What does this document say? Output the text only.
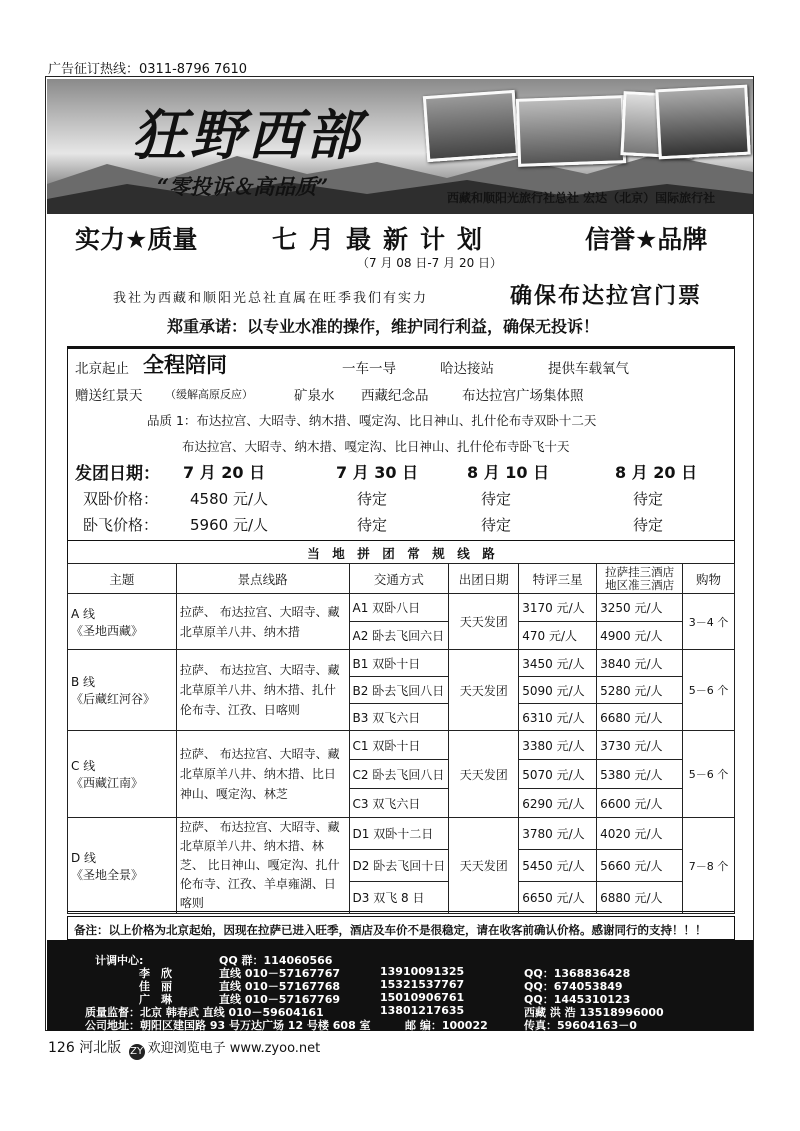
广告征订热线：0311-8796 7610
狂野西部
“零投诉＆高品质”	西藏和顺阳光旅行社总社 宏达（北京）国际旅行社
实力★质量	七月最新计划	信誉★品牌
（7 月 08 日-7 月 20 日）
我社为西藏和顺阳光总社直属在旺季我们有实力	确保布达拉宫门票
郑重承诺：以专业水准的操作，维护同行利益，确保无投诉！
北京起止 全程陪同	一车一导	哈达接站	提供车载氧气
赠送红景天 （缓解高原反应）	矿泉水 西藏纪念品 布达拉宫广场集体照
品质 1：布达拉宫、大昭寺、纳木措、嘎定沟、比日神山、扎什伦布寺双卧十二天
布达拉宫、大昭寺、纳木措、嘎定沟、比日神山、扎什伦布寺卧飞十天
发团日期： 7 月 20 日	7 月 30 日	8 月 10 日	8 月 20 日
双卧价格： 4580 元/人	待定	待定	待定
卧飞价格： 5960 元/人	待定	待定	待定
当　地　拼　团　常　规　线　路
主题	景点线路	交通方式	出团日期	特评三星	拉萨挂三酒店
地区准三酒店	购物

A 线
《圣地西藏》	拉萨、 布达拉宫、大昭寺、藏北草原羊八井、纳木措	A1 双卧八日	天天发团	3170 元/人	3250 元/人	3－4 个
		A2 卧去飞回六日		470 元/人	4900 元/人	

B 线
《后藏红河谷》	拉萨、 布达拉宫、大昭寺、藏北草原羊八井、纳木措、扎什伦布寺、江孜、日喀则	B1 双卧十日	天天发团	3450 元/人	3840 元/人	5－6 个
		B2 卧去飞回八日		5090 元/人	5280 元/人	
		B3 双飞六日		6310 元/人	6680 元/人	

C 线
《西藏江南》	拉萨、 布达拉宫、大昭寺、藏北草原羊八井、纳木措、比日神山、嘎定沟、林芝	C1 双卧十日	天天发团	3380 元/人	3730 元/人	5－6 个
		C2 卧去飞回八日		5070 元/人	5380 元/人	
		C3 双飞六日		6290 元/人	6600 元/人	

D 线
《圣地全景》	拉萨、 布达拉宫、大昭寺、藏北草原羊八井、纳木措、林芝、 比日神山、嘎定沟、扎什伦布寺、江孜、羊卓雍湖、日喀则	D1 双卧十二日	天天发团	3780 元/人	4020 元/人	7－8 个
		D2 卧去飞回十日		5450 元/人	5660 元/人	
		D3 双飞 8 日		6650 元/人	6880 元/人	
备注：以上价格为北京起始，因现在拉萨已进入旺季，酒店及车价不是很稳定，请在收客前确认价格。感谢同行的支持！！！
计调中心:	QQ 群：114060566
李　欣	直线 010－57167767	13910091325	QQ：1368836428
佳　丽	直线 010－57167768	15321537767	QQ：674053849
广　琳	直线 010－57167769	15010906761	QQ：1445310123
质量监督：北京 韩春武 直线 010－59604161	13801217635	西藏 洪 浩 13518996000
公司地址：朝阳区建国路 93 号万达广场 12 号楼 608 室	邮 编：100022	传真：59604163－0
126 河北版 ZY 欢迎浏览电子 www.zyoo.net
